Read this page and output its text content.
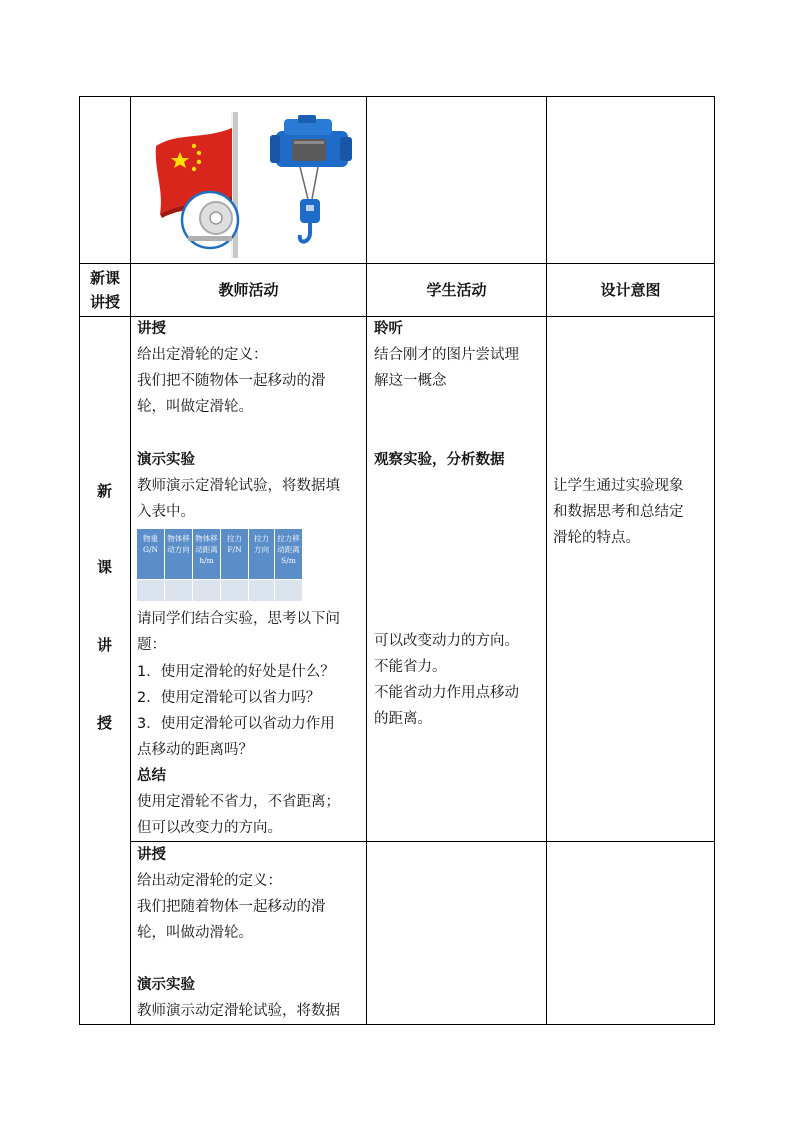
新课
讲授
教师活动	学生活动	设计意图
新
课
讲
授
讲授
给出定滑轮的定义：
我们把不随物体一起移动的滑
轮，叫做定滑轮。
演示实验
教师演示定滑轮试验，将数据填
入表中。
物重
G/N
物体移
动方向
物体移
动距离
h/m
拉力
F/N
拉力
方向
拉力移
动距离
S/m
请同学们结合实验，思考以下问
题：
1．使用定滑轮的好处是什么？
2．使用定滑轮可以省力吗？
3．使用定滑轮可以省动力作用
点移动的距离吗？
总结
使用定滑轮不省力，不省距离；
但可以改变力的方向。
聆听
结合刚才的图片尝试理
解这一概念
观察实验，分析数据
可以改变动力的方向。
不能省力。
不能省动力作用点移动
的距离。
让学生通过实验现象
和数据思考和总结定
滑轮的特点。
讲授
给出动定滑轮的定义：
我们把随着物体一起移动的滑
轮，叫做动滑轮。
演示实验
教师演示动定滑轮试验，将数据
